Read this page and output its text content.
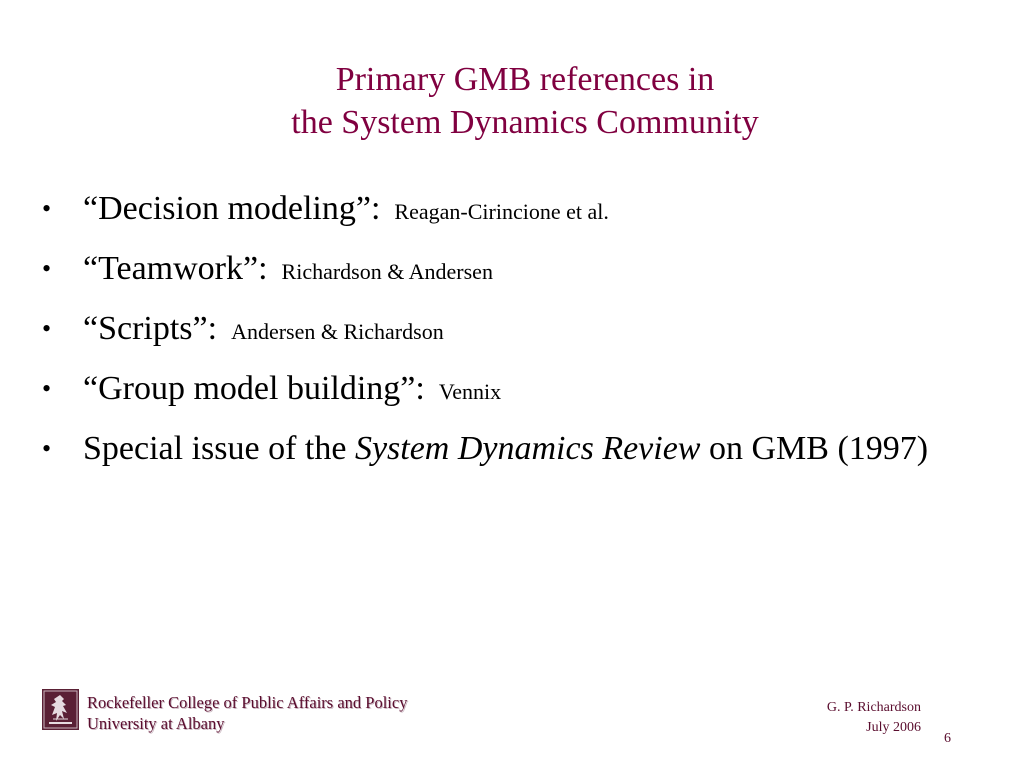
Primary GMB references in
the System Dynamics Community
• “Decision modeling”: Reagan-Cirincione et al.
• “Teamwork”: Richardson & Andersen
• “Scripts”: Andersen & Richardson
• “Group model building”: Vennix
• Special issue of the System Dynamics Review on GMB (1997)
Rockefeller College of Public Affairs and Policy
University at Albany
G. P. Richardson
July 2006
6
